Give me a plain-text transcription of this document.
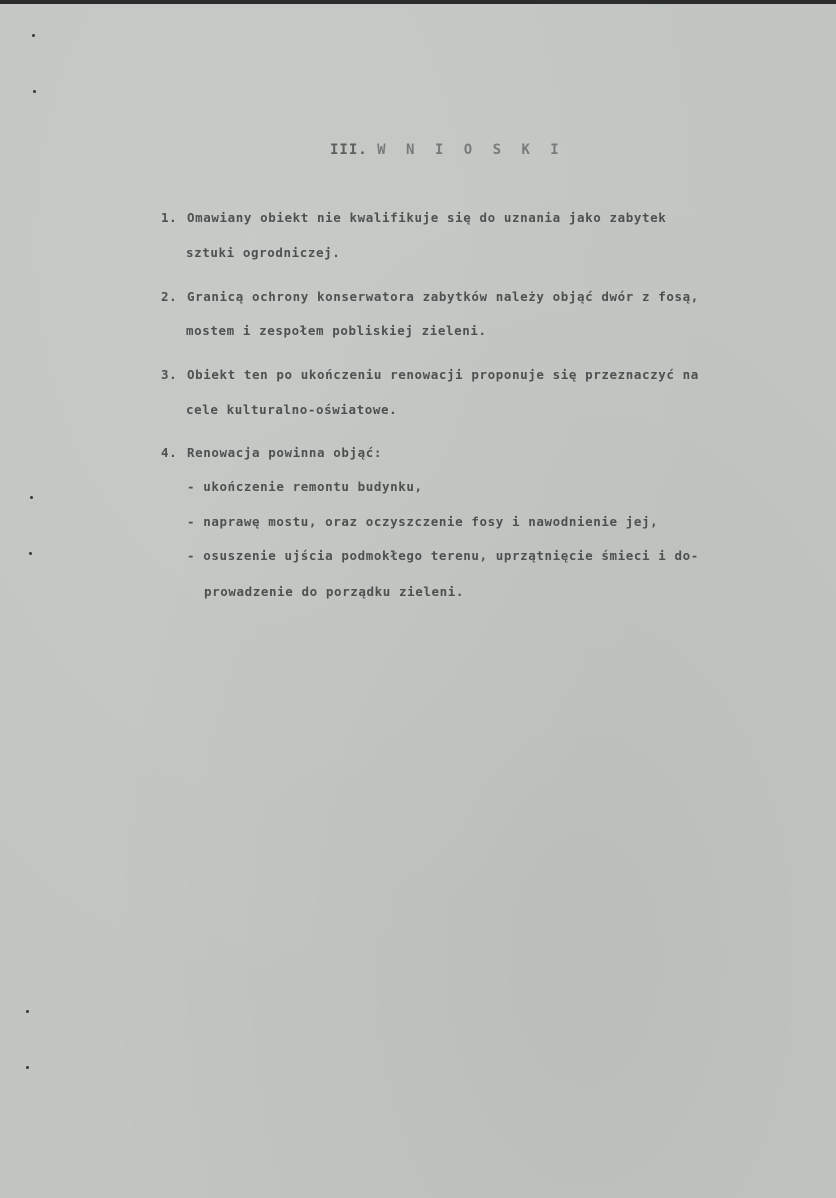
III. W N I O S K I

1. Omawiany obiekt nie kwalifikuje się do uznania jako zabytek

sztuki ogrodniczej.

2. Granicą ochrony konserwatora zabytków należy objąć dwór z fosą,

mostem i zespołem pobliskiej zieleni.

3. Obiekt ten po ukończeniu renowacji proponuje się przeznaczyć na

cele kulturalno-oświatowe.

4. Renowacja powinna objąć:

- ukończenie remontu budynku,

- naprawę mostu, oraz oczyszczenie fosy i nawodnienie jej,

- osuszenie ujścia podmokłego terenu, uprzątnięcie śmieci i do-

prowadzenie do porządku zieleni.
